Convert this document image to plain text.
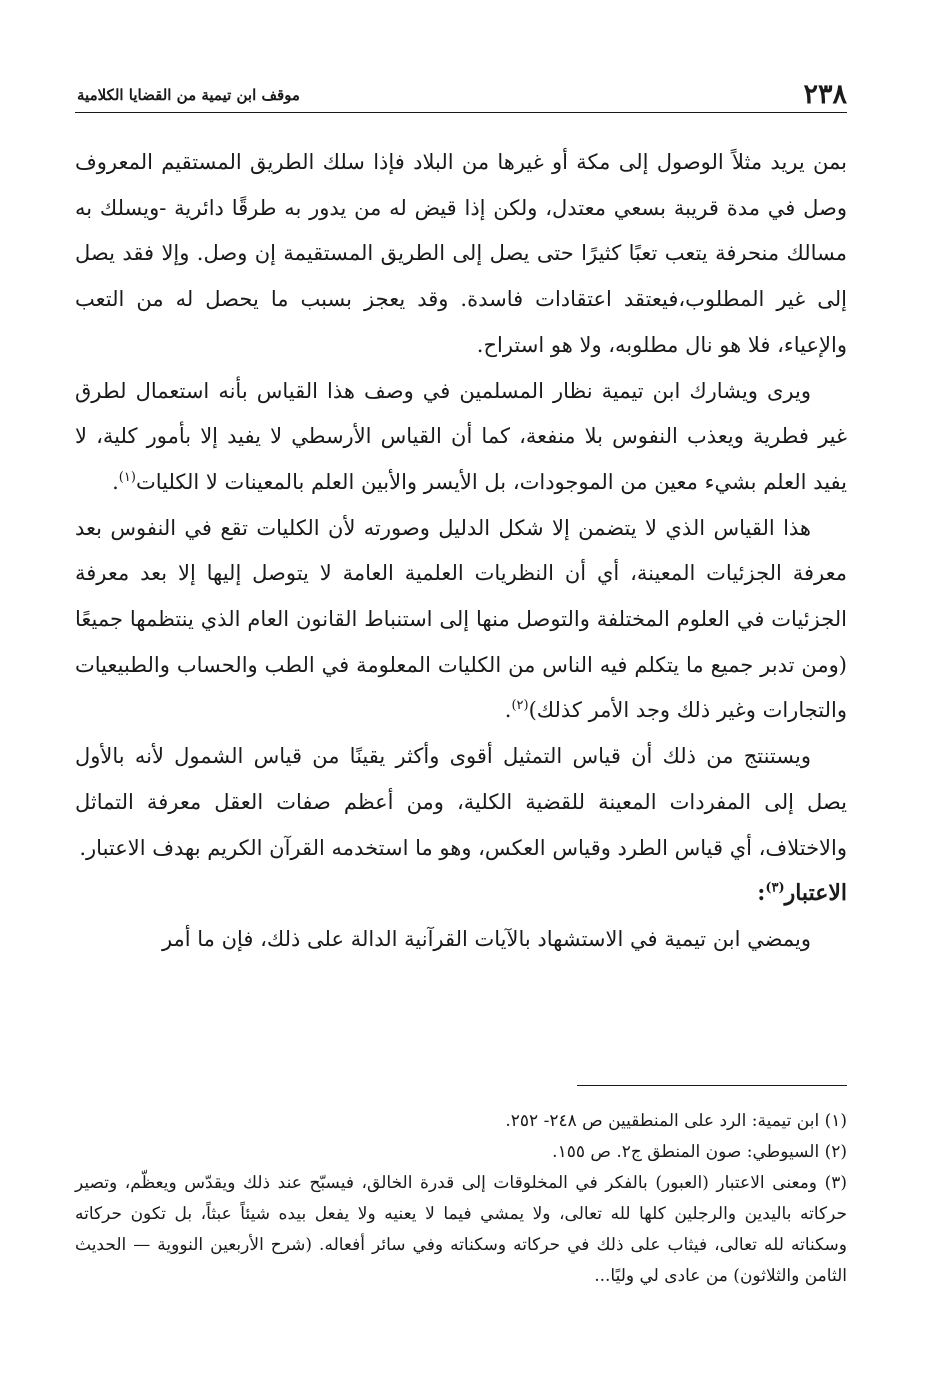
٢٣٨
موقف ابن تيمية من القضايا الكلامية

بمن يريد مثلاً الوصول إلى مكة أو غيرها من البلاد فإذا سلك الطريق المستقيم المعروف وصل في مدة قريبة بسعي معتدل، ولكن إذا قيض له من يدور به طرقًا دائرية -ويسلك به مسالك منحرفة يتعب تعبًا كثيرًا حتى يصل إلى الطريق المستقيمة إن وصل. وإلا فقد يصل إلى غير المطلوب،فيعتقد اعتقادات فاسدة. وقد يعجز بسبب ما يحصل له من التعب والإعياء، فلا هو نال مطلوبه، ولا هو استراح.

ويرى ويشارك ابن تيمية نظار المسلمين في وصف هذا القياس بأنه استعمال لطرق غير فطرية ويعذب النفوس بلا منفعة، كما أن القياس الأرسطي لا يفيد إلا بأمور كلية، لا يفيد العلم بشيء معين من الموجودات، بل الأيسر والأبين العلم بالمعينات لا الكليات$^{(١)}$.

هذا القياس الذي لا يتضمن إلا شكل الدليل وصورته لأن الكليات تقع في النفوس بعد معرفة الجزئيات المعينة، أي أن النظريات العلمية العامة لا يتوصل إليها إلا بعد معرفة الجزئيات في العلوم المختلفة والتوصل منها إلى استنباط القانون العام الذي ينتظمها جميعًا (ومن تدبر جميع ما يتكلم فيه الناس من الكليات المعلومة في الطب والحساب والطبيعيات والتجارات وغير ذلك وجد الأمر كذلك)$^{(٢)}$.

ويستنتج من ذلك أن قياس التمثيل أقوى وأكثر يقينًا من قياس الشمول لأنه بالأول يصل إلى المفردات المعينة للقضية الكلية، ومن أعظم صفات العقل معرفة التماثل والاختلاف، أي قياس الطرد وقياس العكس، وهو ما استخدمه القرآن الكريم بهدف الاعتبار.

الاعتبار$^{(٣)}$:

ويمضي ابن تيمية في الاستشهاد بالآيات القرآنية الدالة على ذلك، فإن ما أمر

(١) ابن تيمية: الرد على المنطقيين ص ٢٤٨- ٢٥٢.

(٢) السيوطي: صون المنطق ج٢. ص ١٥٥.

(٣) ومعنى الاعتبار (العبور) بالفكر في المخلوقات إلى قدرة الخالق، فيسبّح عند ذلك ويقدّس ويعظّم، وتصير حركاته باليدين والرجلين كلها لله تعالى، ولا يمشي فيما لا يعنيه ولا يفعل بيده شيئاً عبثاً، بل تكون حركاته وسكناته لله تعالى، فيثاب على ذلك في حركاته وسكناته وفي سائر أفعاله. (شرح الأربعين النووية — الحديث الثامن والثلاثون) من عادى لي وليًا...
